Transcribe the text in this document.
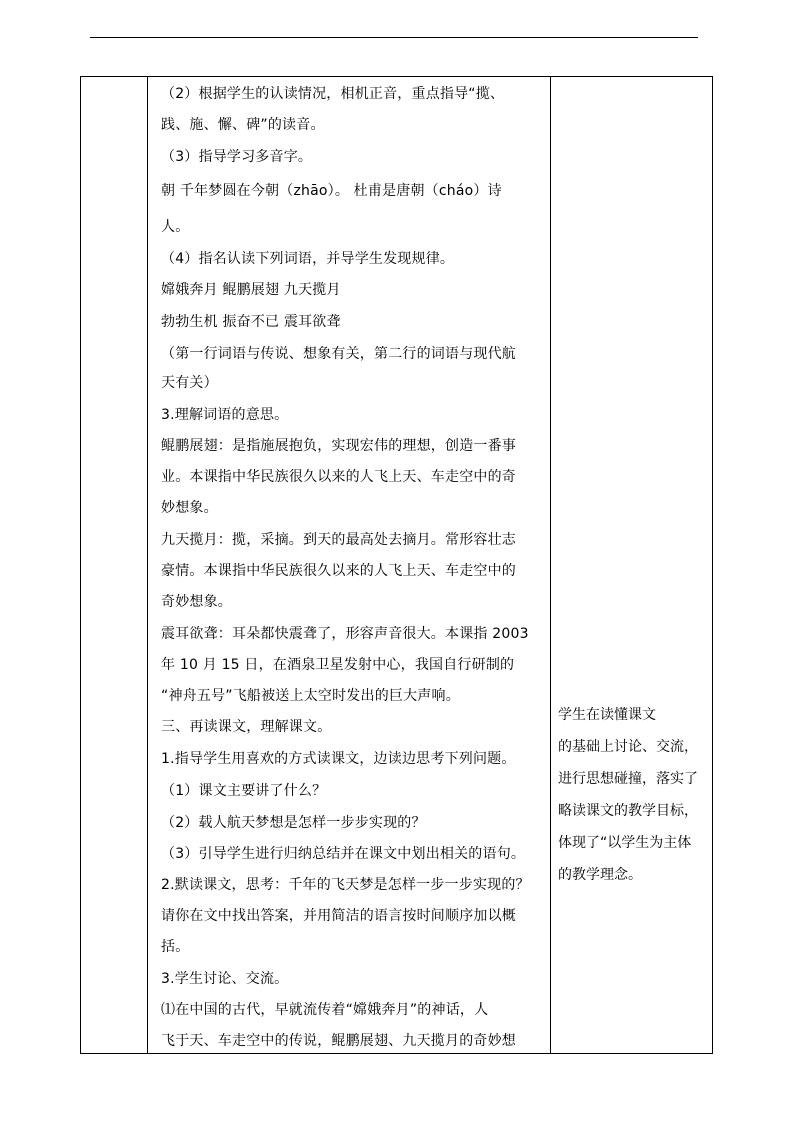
（2）根据学生的认读情况，相机正音，重点指导“揽、
践、施、懈、碑”的读音。
（3）指导学习多音字。
朝 千年梦圆在今朝（zhāo）。 杜甫是唐朝（cháo）诗
人。
（4）指名认读下列词语，并导学生发现规律。
嫦娥奔月 鲲鹏展翅 九天揽月
勃勃生机 振奋不已 震耳欲聋
（第一行词语与传说、想象有关，第二行的词语与现代航
天有关）
3.理解词语的意思。
鲲鹏展翅：是指施展抱负，实现宏伟的理想，创造一番事
业。本课指中华民族很久以来的人飞上天、车走空中的奇
妙想象。
九天揽月：揽，采摘。到天的最高处去摘月。常形容壮志
豪情。本课指中华民族很久以来的人飞上天、车走空中的
奇妙想象。
震耳欲聋：耳朵都快震聋了，形容声音很大。本课指 2003
年 10 月 15 日，在酒泉卫星发射中心，我国自行研制的
“神舟五号”飞船被送上太空时发出的巨大声响。
三、再读课文，理解课文。
1.指导学生用喜欢的方式读课文，边读边思考下列问题。
（1）课文主要讲了什么？
（2）载人航天梦想是怎样一步步实现的？
（3）引导学生进行归纳总结并在课文中划出相关的语句。
2.默读课文，思考：千年的飞天梦是怎样一步一步实现的？
请你在文中找出答案，并用简洁的语言按时间顺序加以概
括。
3.学生讨论、交流。
⑴在中国的古代，早就流传着“嫦娥奔月”的神话，人
飞于天、车走空中的传说，鲲鹏展翅、九天揽月的奇妙想
学生在读懂课文
的基础上讨论、交流，
进行思想碰撞，落实了
略读课文的教学目标，
体现了“以学生为主体
的教学理念。
